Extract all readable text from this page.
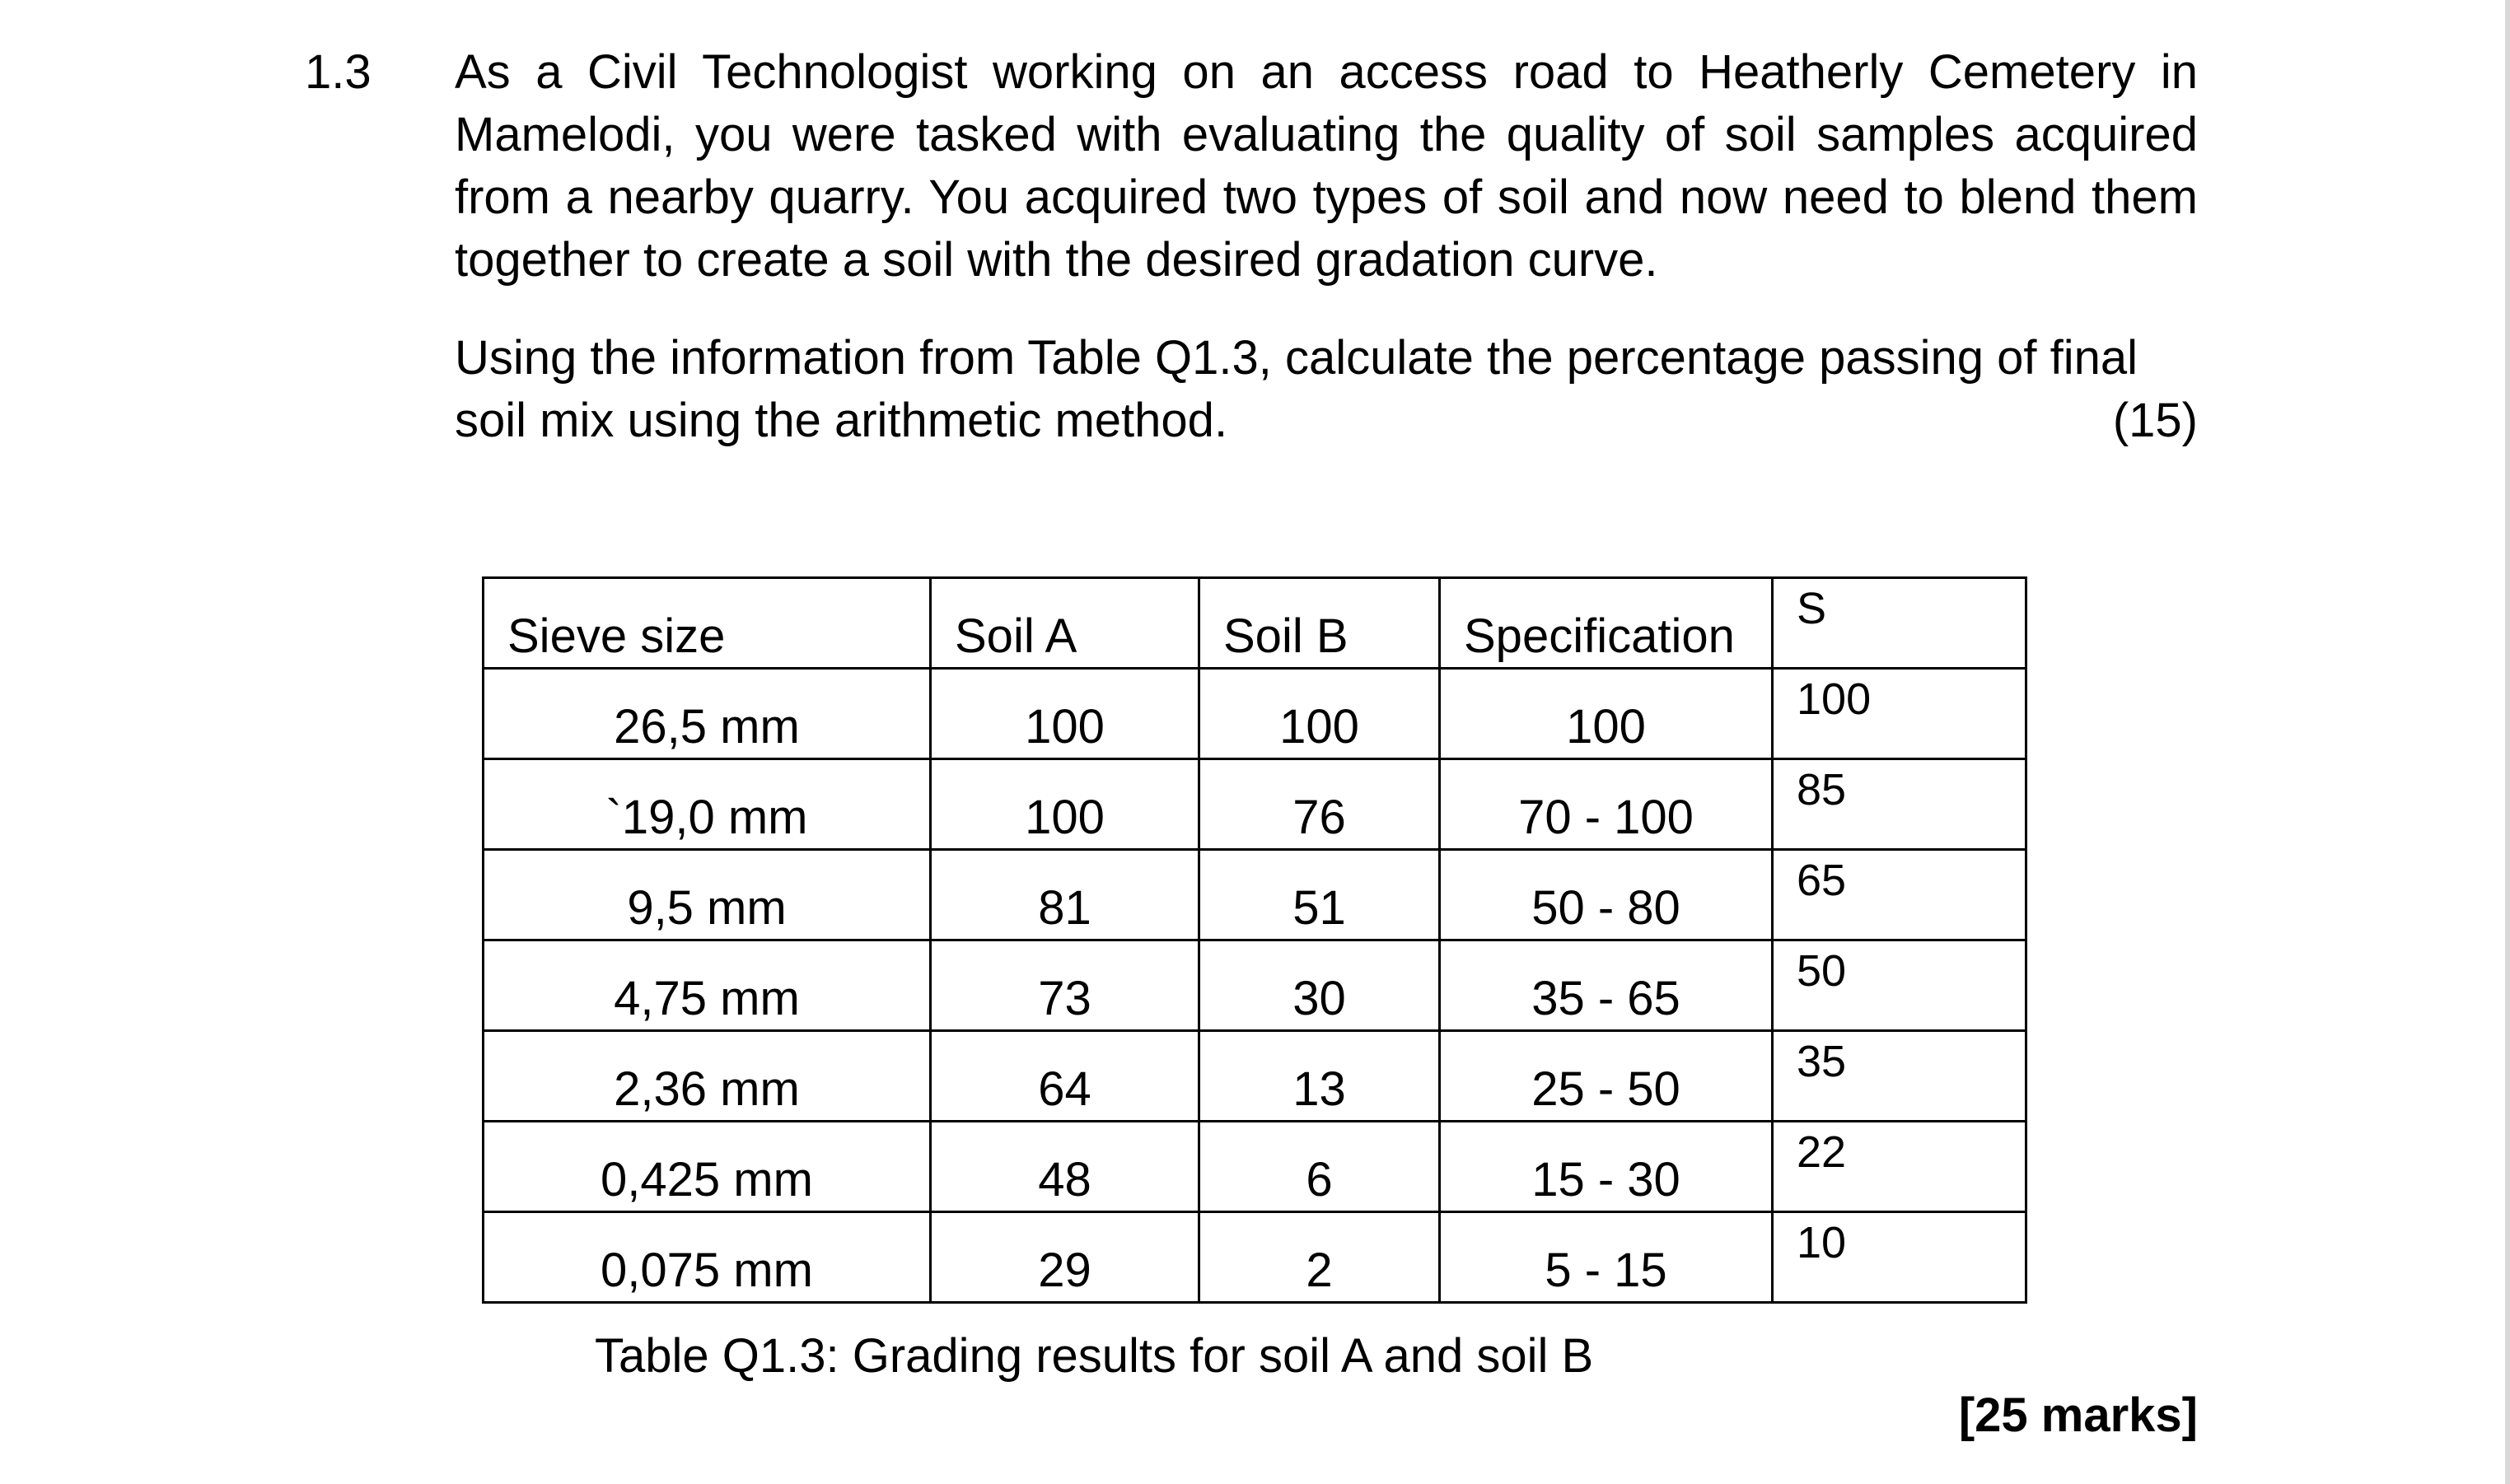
1.3 As a Civil Technologist working on an access road to Heatherly Cemetery in Mamelodi, you were tasked with evaluating the quality of soil samples acquired from a nearby quarry. You acquired two types of soil and now need to blend them together to create a soil with the desired gradation curve.
Using the information from Table Q1.3, calculate the percentage passing of final soil mix using the arithmetic method.	(15)
Sieve size	Soil A	Soil B	Specification	S

26,5 mm	100	100	100	100

`19,0 mm	100	76	70 - 100	85

9,5 mm	81	51	50 - 80	65

4,75 mm	73	30	35 - 65	50

2,36 mm	64	13	25 - 50	35

0,425 mm	48	6	15 - 30	22

0,075 mm	29	2	5 - 15	10
Table Q1.3: Grading results for soil A and soil B
[25 marks]
